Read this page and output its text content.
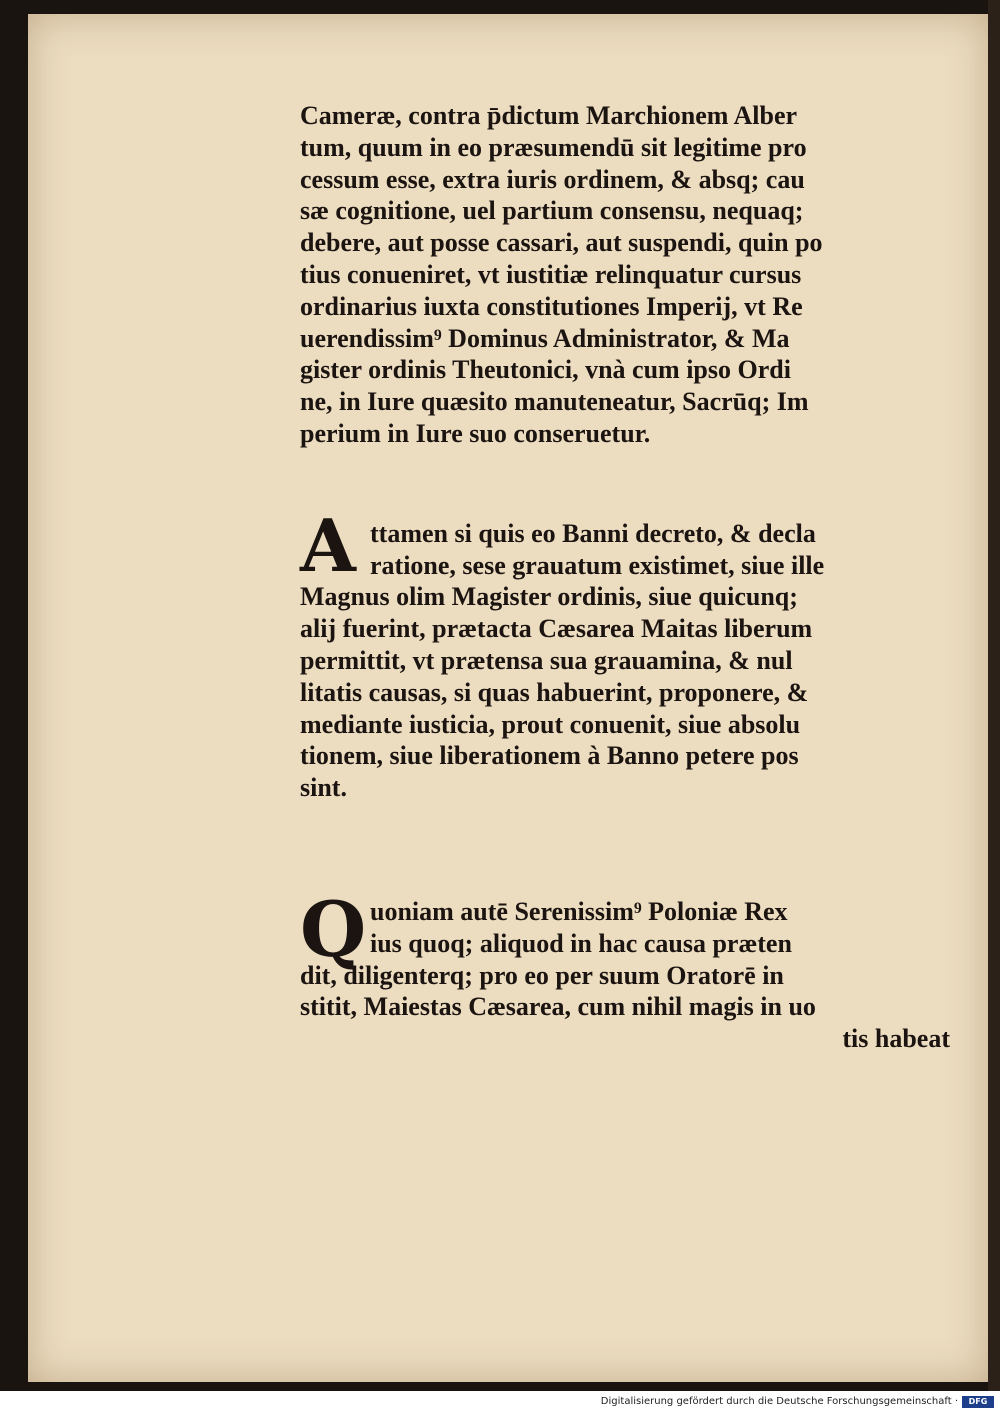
Cameræ, contra p̄dictum Marchionem Alber
tum, quum in eo præsumendū sit legitime pro
cessum esse, extra iuris ordinem, & absq; cau
sæ cognitione, uel partium consensu, nequaq;
debere, aut posse cassari, aut suspendi, quin po
tius conueniret, vt iustitiæ relinquatur cursus
ordinarius iuxta constitutiones Imperij, vt Re
uerendissim⁹ Dominus Administrator, & Ma
gister ordinis Theutonici, vnà cum ipso Ordi
ne, in Iure quæsito manuteneatur, Sacrūq; Im
perium in Iure suo conseruetur.
A ttamen si quis eo Banni decreto, & decla
ratione, sese grauatum existimet, siue ille
Magnus olim Magister ordinis, siue quicunq;
alij fuerint, prætacta Cæsarea Maitas liberum
permittit, vt prætensa sua grauamina, & nul
litatis causas, si quas habuerint, proponere, &
mediante iusticia, prout conuenit, siue absolu
tionem, siue liberationem à Banno petere pos
sint.
Q uoniam autē Serenissim⁹ Poloniæ Rex
ius quoq; aliquod in hac causa præten
dit, diligenterq; pro eo per suum Oratorē in
stitit, Maiestas Cæsarea, cum nihil magis in uo
tis habeat
Digitalisierung gefördert durch die Deutsche Forschungsgemeinschaft ·	DFG
